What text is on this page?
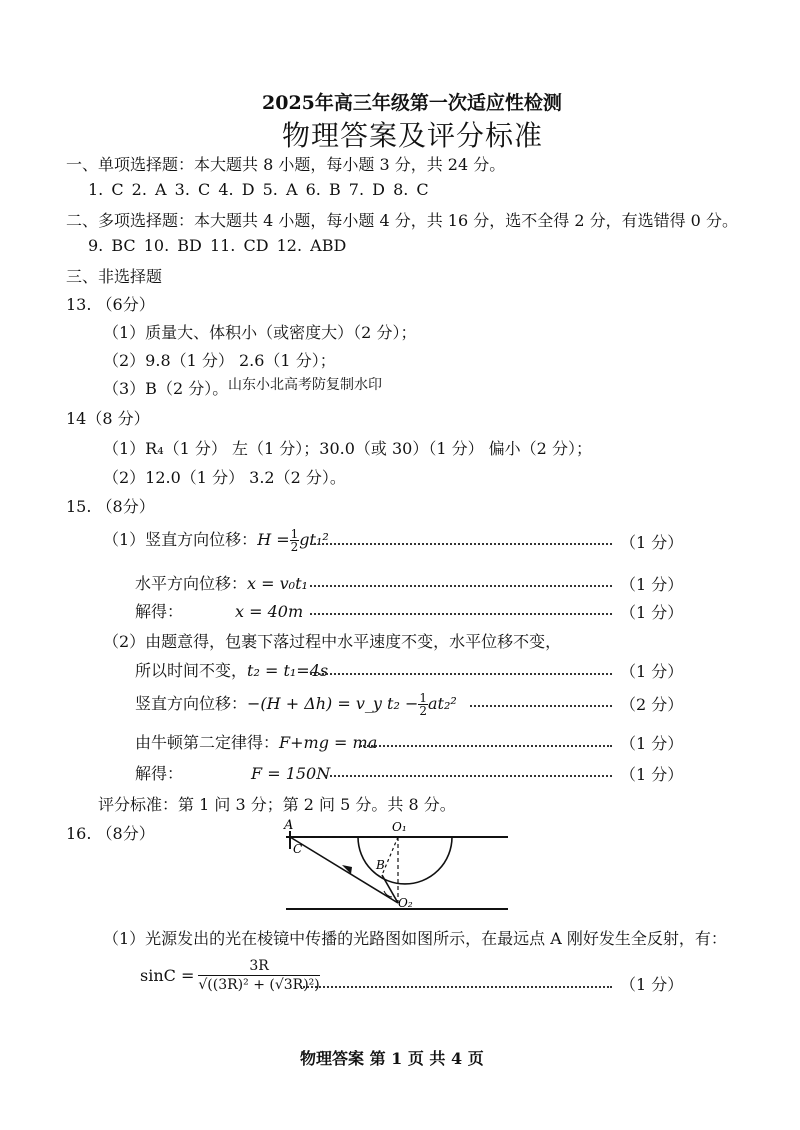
2025年高三年级第一次适应性检测
物理答案及评分标准
一、单项选择题：本大题共 8 小题，每小题 3 分，共 24 分。
1. C 2. A 3. C 4. D 5. A 6. B 7. D 8. C
二、多项选择题：本大题共 4 小题，每小题 4 分，共 16 分，选不全得 2 分，有选错得 0 分。
9. BC 10. BD 11. CD 12. ABD
三、非选择题
13. （6分）
（1）质量大、体积小（或密度大）（2 分）；
（2）9.8（1 分） 2.6（1 分）；
（3）B（2 分）。 山东小北高考防复制水印
14（8 分）
（1）R₄（1 分） 左（1 分）；30.0（或 30）（1 分） 偏小（2 分）；
（2）12.0（1 分） 3.2（2 分）。
15. （8分）
（1）竖直方向位移：$H = \frac{1}{2} gt_1^2$	（1 分）
水平方向位移：x = v₀t₁	（1 分）
解得：	x = 40m	（1 分）
（2）由题意得，包裹下落过程中水平速度不变，水平位移不变，
所以时间不变，t₂ = t₁=4s	（1 分）
竖直方向位移：−(H + Δh) = v_y $t_2 - \frac{1}{2} at_2^2$	（2 分）
由牛顿第二定律得：F+mg = ma	（1 分）
解得：	F = 150N	（1 分）
评分标准：第 1 问 3 分；第 2 问 5 分。共 8 分。
16. （8分）	A
C
B
O₁
O₂
（1）光源发出的光在棱镜中传播的光路图如图所示，在最远点 A 刚好发生全反射，有：
$\sin C = \frac{3R}{\text{√((3R)² + (√3R)²)}}$	（1 分）
物理答案 第 1 页 共 4 页
